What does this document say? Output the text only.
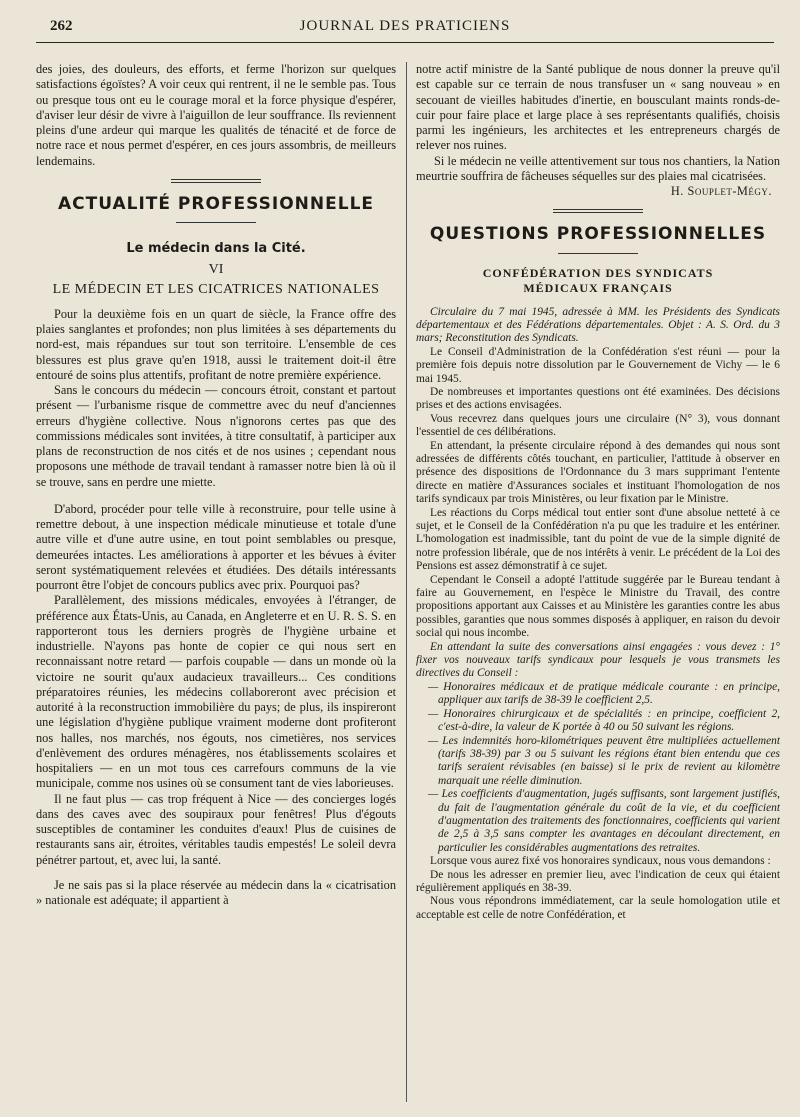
262	JOURNAL DES PRATICIENS

des joies, des douleurs, des efforts, et ferme l'horizon sur quelques satisfactions égoïstes? A voir ceux qui rentrent, il ne le semble pas. Tous ou presque tous ont eu le courage moral et la force physique d'espérer, d'aviser leur désir de vivre à l'aiguillon de leur souffrance. Ils reviennent pleins d'une ardeur qui marque les qualités de ténacité et de force de notre race et nous permet d'espérer, en ces jours assombris, de meilleurs lendemains.

ACTUALITÉ PROFESSIONNELLE
Le médecin dans la Cité.
VI
LE MÉDECIN ET LES CICATRICES NATIONALES

Pour la deuxième fois en un quart de siècle, la France offre des plaies sanglantes et profondes; non plus limitées à ses départements du nord-est, mais répandues sur tout son territoire. L'ensemble de ces blessures est plus grave qu'en 1918, aussi le traitement doit-il être entouré de soins plus attentifs, profitant de notre première expérience.

Sans le concours du médecin — concours étroit, constant et partout présent — l'urbanisme risque de commettre avec du neuf d'anciennes erreurs d'hygiène collective. Nous n'ignorons certes pas que des commissions médicales sont invitées, à titre consultatif, à participer aux plans de reconstruction de nos cités et de nos usines ; cependant nous proposons une méthode de travail tendant à ramasser notre bien là où il se trouve, sans en perdre une miette.

D'abord, procéder pour telle ville à reconstruire, pour telle usine à remettre debout, à une inspection médicale minutieuse et totale d'une autre ville et d'une autre usine, en tout point semblables ou presque, demeurées intactes. Les améliorations à apporter et les bévues à éviter seront systématiquement relevées et étudiées. Des détails intéressants pourront être l'objet de concours publics avec prix. Pourquoi pas?

Parallèlement, des missions médicales, envoyées à l'étranger, de préférence aux États-Unis, au Canada, en Angleterre et en U. R. S. S. en rapporteront tous les derniers progrès de l'hygiène urbaine et industrielle. N'ayons pas honte de copier ce qui nous sert en reconnaissant notre retard — parfois coupable — dans un monde où la victoire ne sourit qu'aux audacieux travailleurs... Ces conditions préparatoires réunies, les médecins collaboreront avec précision et autorité à la reconstruction immobilière du pays; de plus, ils inspireront une législation d'hygiène publique vraiment moderne dont profiteront nos halles, nos marchés, nos égouts, nos cimetières, nos services d'enlèvement des ordures ménagères, nos établissements scolaires et hospitaliers — en un mot tous ces carrefours communs de la vie municipale, comme nos usines où se consument tant de vies laborieuses.

Il ne faut plus — cas trop fréquent à Nice — des concierges logés dans des caves avec des soupiraux pour fenêtres! Plus d'égouts susceptibles de contaminer les conduites d'eaux! Plus de cuisines de restaurants sans air, étroites, véritables taudis empestés! Le soleil devra pénétrer partout, et, avec lui, la santé.

Je ne sais pas si la place réservée au médecin dans la « cicatrisation » nationale est adéquate; il appartient à

notre actif ministre de la Santé publique de nous donner la preuve qu'il est capable sur ce terrain de nous transfuser un « sang nouveau » en secouant de vieilles habitudes d'inertie, en bousculant maints ronds-de-cuir pour faire place et large place à ses représentants qualifiés, choisis parmi les ingénieurs, les architectes et les entrepreneurs chargés de relever nos ruines.

Si le médecin ne veille attentivement sur tous nos chantiers, la Nation meurtrie souffrira de fâcheuses séquelles sur des plaies mal cicatrisées.

H. Souplet-Mégy.

QUESTIONS PROFESSIONNELLES
CONFÉDÉRATION DES SYNDICATS
MÉDICAUX FRANÇAIS

Circulaire du 7 mai 1945, adressée à MM. les Présidents des Syndicats départementaux et des Fédérations départementales. Objet : A. S. Ord. du 3 mars; Reconstitution des Syndicats.

Le Conseil d'Administration de la Confédération s'est réuni — pour la première fois depuis notre dissolution par le Gouvernement de Vichy — le 6 mai 1945.

De nombreuses et importantes questions ont été examinées. Des décisions prises et des actions envisagées.

Vous recevrez dans quelques jours une circulaire (N° 3), vous donnant l'essentiel de ces délibérations.

En attendant, la présente circulaire répond à des demandes qui nous sont adressées de différents côtés touchant, en particulier, l'attitude à observer en présence des dispositions de l'Ordonnance du 3 mars supprimant l'entente directe en matière d'Assurances sociales et instituant l'homologation de nos tarifs syndicaux par trois Ministères, ou leur fixation par le Ministre.

Les réactions du Corps médical tout entier sont d'une absolue netteté à ce sujet, et le Conseil de la Confédération n'a pu que les traduire et les entériner. L'homologation est inadmissible, tant du point de vue de la simple dignité de notre profession libérale, que de nos intérêts à venir. Le précédent de la Loi des Pensions est assez démonstratif à ce sujet.

Cependant le Conseil a adopté l'attitude suggérée par le Bureau tendant à faire au Gouvernement, en l'espèce le Ministre du Travail, des contre propositions apportant aux Caisses et au Ministère les garanties contre les abus possibles, garanties que nous sommes disposés à appliquer, en raison du devoir social qui nous incombe.

En attendant la suite des conversations ainsi engagées : vous devez : 1° fixer vos nouveaux tarifs syndicaux pour lesquels je vous transmets les directives du Conseil :

— Honoraires médicaux et de pratique médicale courante : en principe, appliquer aux tarifs de 38-39 le coefficient 2,5.

— Honoraires chirurgicaux et de spécialités : en principe, coefficient 2, c'est-à-dire, la valeur de K portée à 40 ou 50 suivant les régions.

— Les indemnités horo-kilométriques peuvent être multipliées actuellement (tarifs 38-39) par 3 ou 5 suivant les régions étant bien entendu que ces tarifs seraient révisables (en baisse) si le prix de revient au kilomètre marquait une réelle diminution.

— Les coefficients d'augmentation, jugés suffisants, sont largement justifiés, du fait de l'augmentation générale du coût de la vie, et du coefficient d'augmentation des traitements des fonctionnaires, coefficients qui varient de 2,5 à 3,5 sans compter les avantages en découlant directement, en particulier les considérables augmentations des retraites.

Lorsque vous aurez fixé vos honoraires syndicaux, nous vous demandons :

De nous les adresser en premier lieu, avec l'indication de ceux qui étaient régulièrement appliqués en 38-39.

Nous vous répondrons immédiatement, car la seule homologation utile et acceptable est celle de notre Confédération, et
